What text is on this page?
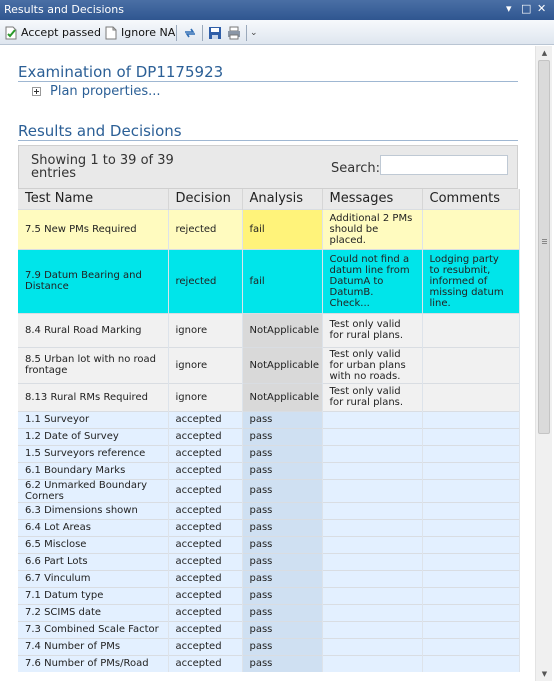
Results and Decisions	▾ □ ✕
Accept passed Ignore NA	⌄
Examination of DP1175923
Plan properties...
Results and Decisions
Showing 1 to 39 of 39 entries	Search:
Test Name	Decision	Analysis	Messages	Comments
7.5 New PMs Required	rejected	fail	Additional 2 PMs should be placed.	
7.9 Datum Bearing and Distance	rejected	fail	Could not find a datum line from DatumA to DatumB. Check...	Lodging party to resubmit, informed of missing datum line.
8.4 Rural Road Marking	ignore	NotApplicable	Test only valid for rural plans.	
8.5 Urban lot with no road frontage	ignore	NotApplicable	Test only valid for urban plans with no roads.	
8.13 Rural RMs Required	ignore	NotApplicable	Test only valid for rural plans.	
1.1 Surveyor	accepted	pass		
1.2 Date of Survey	accepted	pass		
1.5 Surveyors reference	accepted	pass		
6.1 Boundary Marks	accepted	pass		
6.2 Unmarked Boundary Corners	accepted	pass		
6.3 Dimensions shown	accepted	pass		
6.4 Lot Areas	accepted	pass		
6.5 Misclose	accepted	pass		
6.6 Part Lots	accepted	pass		
6.7 Vinculum	accepted	pass		
7.1 Datum type	accepted	pass		
7.2 SCIMS date	accepted	pass		
7.3 Combined Scale Factor	accepted	pass		
7.4 Number of PMs	accepted	pass		
7.6 Number of PMs/Road	accepted	pass		
▲
▼
